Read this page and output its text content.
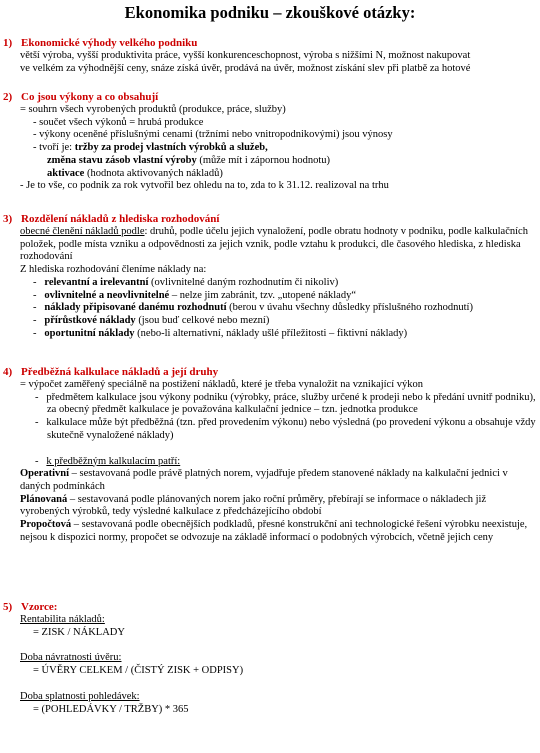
Ekonomika podniku – zkouškové otázky:
1) Ekonomické výhody velkého podniku
větší výroba, vyšší produktivita práce, vyšší konkurenceschopnost, výroba s nižšími N, možnost nakupovat
ve velkém za výhodnější ceny, snáze získá úvěr, prodává na úvěr, možnost získání slev při platbě za hotové
2) Co jsou výkony a co obsahují
= souhrn všech vyrobených produktů (produkce, práce, služby)
- součet všech výkonů = hrubá produkce
- výkony oceněné příslušnými cenami (tržními nebo vnitropodnikovými) jsou výnosy
- tvoří je: tržby za prodej vlastních výrobků a služeb,
změna stavu zásob vlastní výroby (může mít i zápornou hodnotu)
aktivace (hodnota aktivovaných nákladů)
- Je to vše, co podnik za rok vytvořil bez ohledu na to, zda to k 31.12. realizoval na trhu
3) Rozdělení nákladů z hlediska rozhodování
obecné členění nákladů podle: druhů, podle účelu jejich vynaložení, podle obratu hodnoty v podniku, podle kalkulačních položek, podle místa vzniku a odpovědnosti za jejich vznik, podle vztahu k produkci, dle časového hlediska, z hlediska rozhodování
Z hlediska rozhodování členíme náklady na:
-   relevantní a irelevantní (ovlivnitelné daným rozhodnutím či nikoliv)
-   ovlivnitelné a neovlivnitelné – nelze jim zabránit, tzv. „utopené náklady“
-   náklady připisované danému rozhodnutí (berou v úvahu všechny důsledky příslušného rozhodnutí)
-   přírůstkové náklady (jsou buď celkové nebo mezní)
-   oportunitní náklady (nebo-li alternativní, náklady ušlé příležitosti – fiktivní náklady)
4) Předběžná kalkulace nákladů a její druhy
= výpočet zaměřený speciálně na postižení nákladů, které je třeba vynaložit na vznikající výkon
-   předmětem kalkulace jsou výkony podniku (výrobky, práce, služby určené k prodeji nebo k předání uvnitř podniku), za obecný předmět kalkulace je považována kalkulační jednice – tzn. jednotka produkce
-   kalkulace může být předběžná (tzn. před provedením výkonu) nebo výsledná (po provedení výkonu a obsahuje vždy skutečně vynaložené náklady)
-   k předběžným kalkulacím patří:
Operativní – sestavovaná podle právě platných norem, vyjadřuje předem stanovené náklady na kalkulační jednici v daných podmínkách
Plánovaná – sestavovaná podle plánovaných norem jako roční průměry, přebírají se informace o nákladech již vyrobených výrobků, tedy výsledné kalkulace z předcházejícího období
Propočtová – sestavovaná podle obecnějších podkladů, přesné konstrukční ani technologické řešení výrobku neexistuje, nejsou k dispozici normy, propočet se odvozuje na základě informací o podobných výrobcích, včetně jejich ceny
5) Vzorce:
Rentabilita nákladů:
= ZISK / NÁKLADY
Doba návratnosti úvěru:
= ÚVĚRY CELKEM / (ČISTÝ ZISK + ODPISY)
Doba splatnosti pohledávek:
= (POHLEDÁVKY / TRŽBY) * 365
